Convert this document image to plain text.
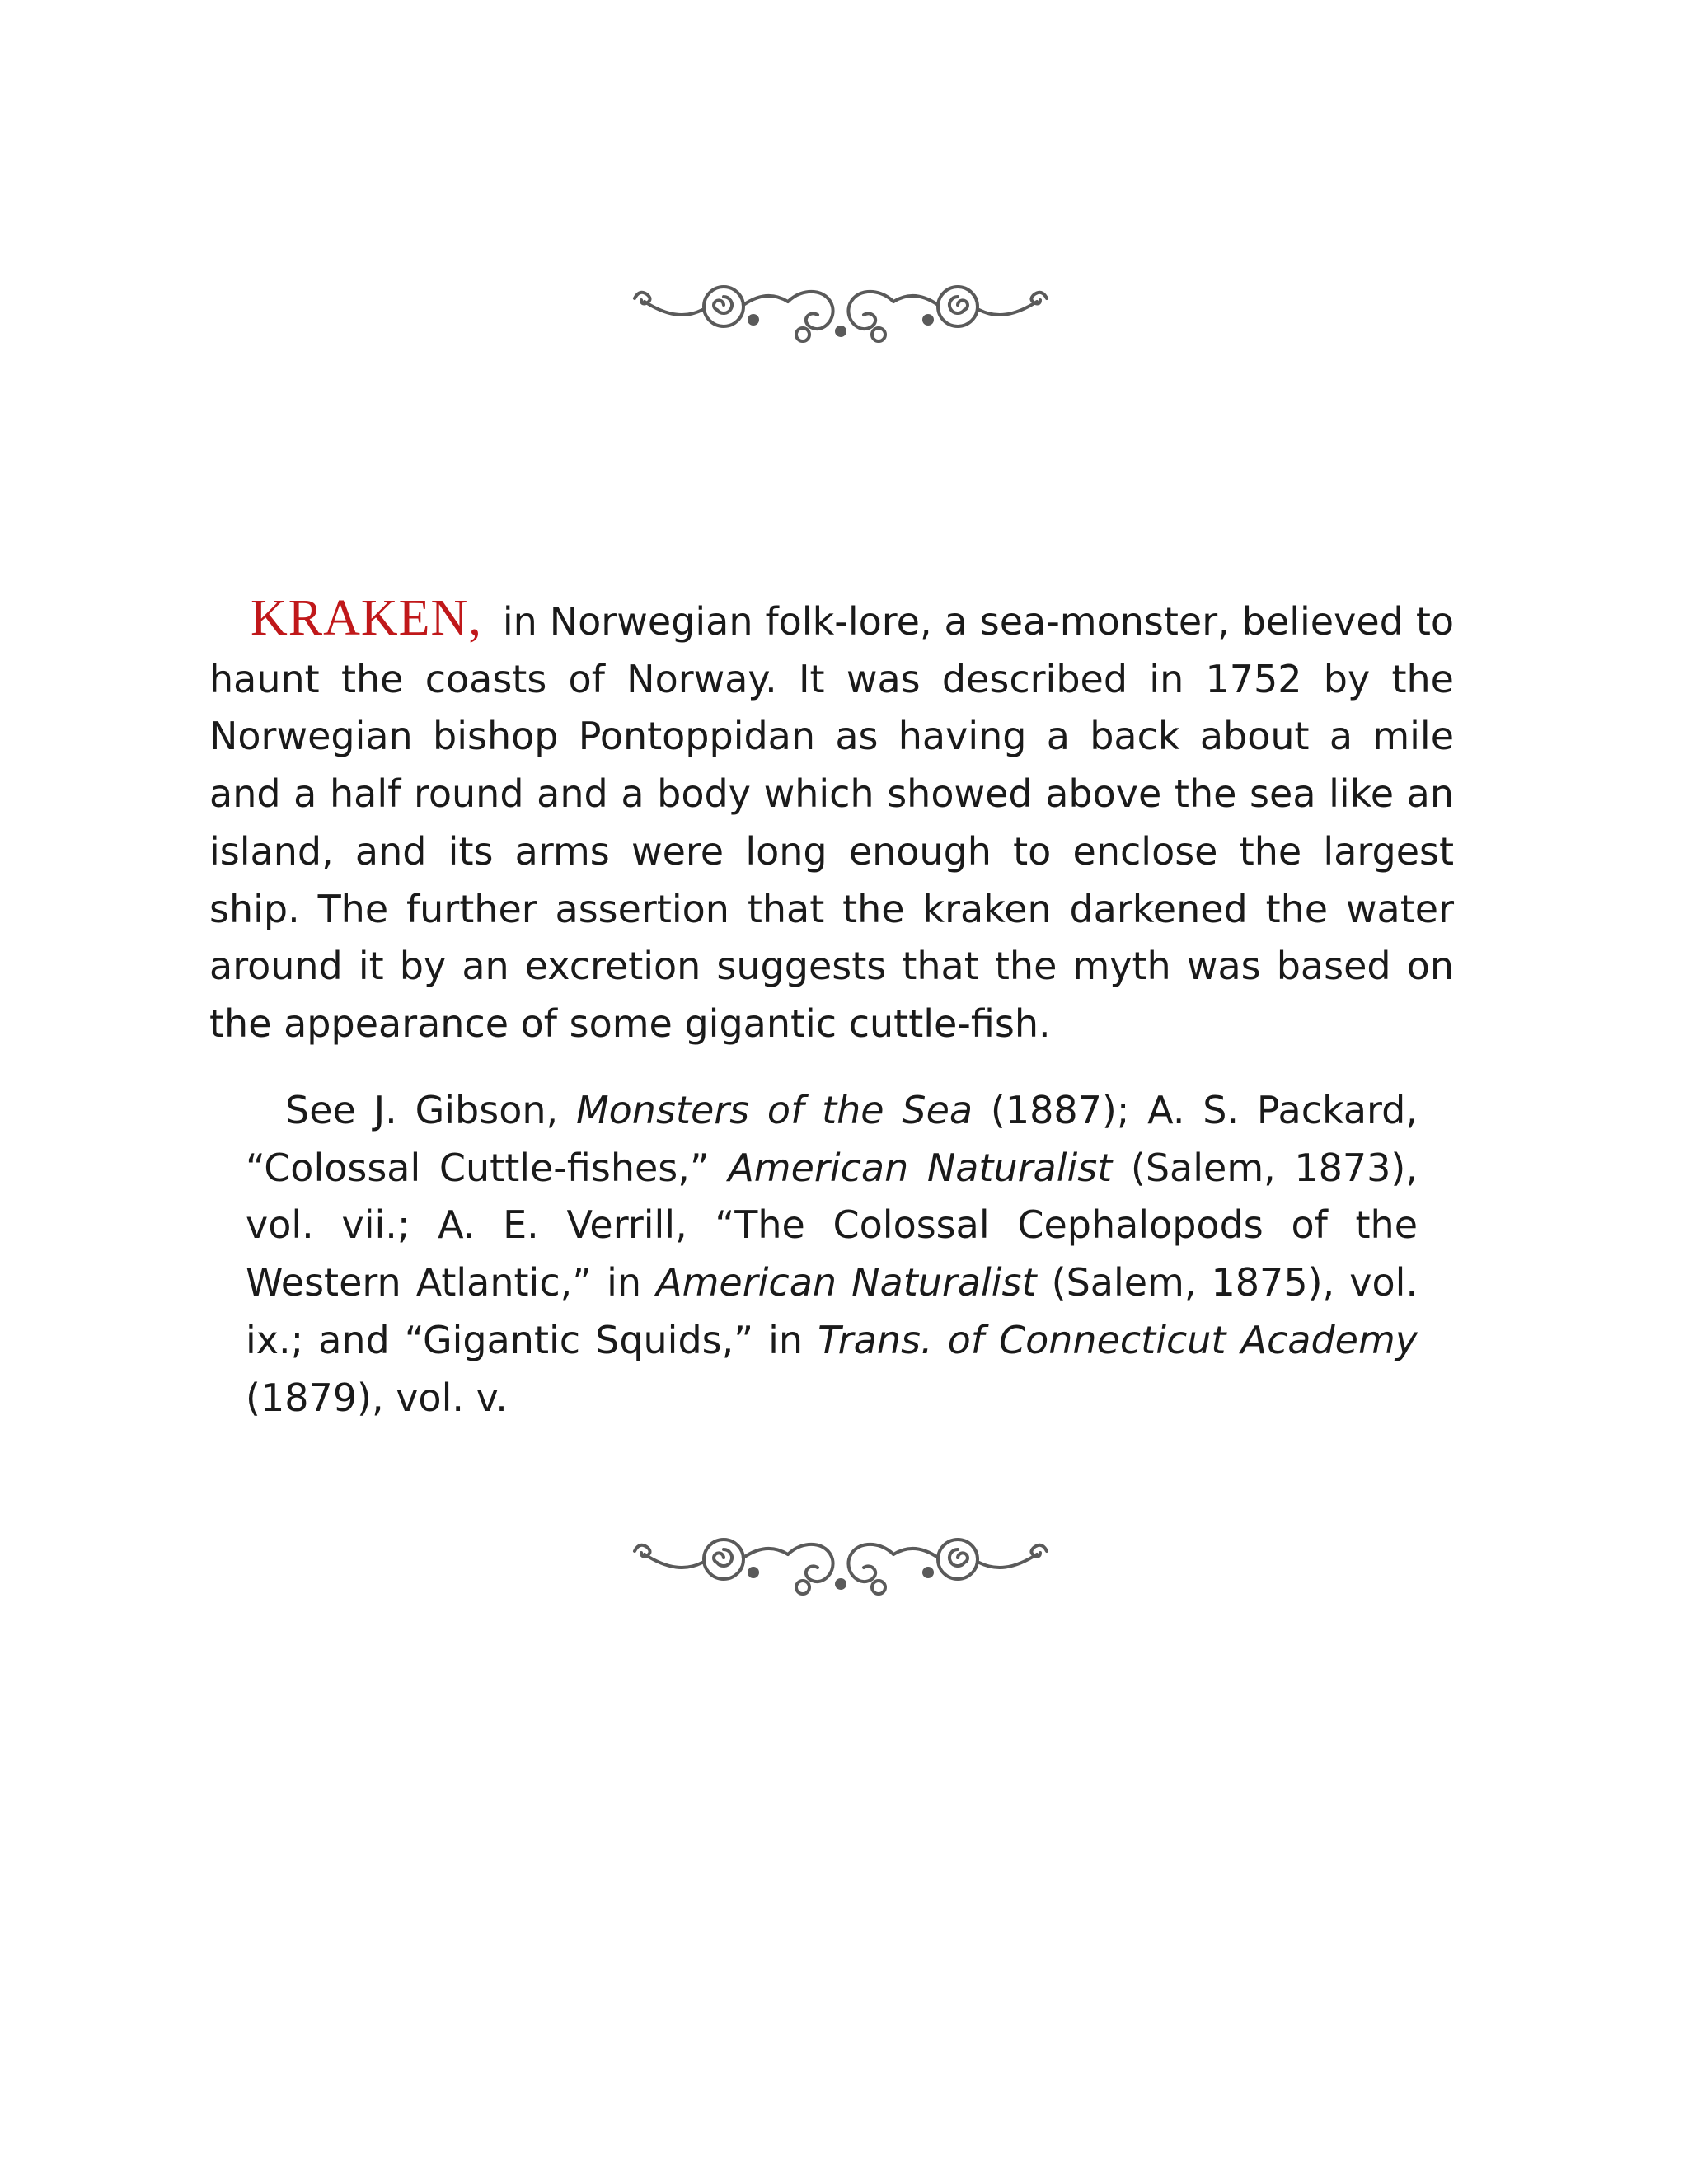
KRAKEN, in Norwegian folk-lore, a sea-monster, believed to haunt the coasts of Norway. It was described in 1752 by the Norwegian bishop Pontoppidan as having a back about a mile and a half round and a body which showed above the sea like an island, and its arms were long enough to enclose the largest ship. The further assertion that the kraken darkened the water around it by an excretion suggests that the myth was based on the appearance of some gigantic cuttle-fish.

See J. Gibson, Monsters of the Sea (1887); A. S. Packard, “Colossal Cuttle-fishes,” American Naturalist (Salem, 1873), vol. vii.; A. E. Verrill, “The Colossal Cephalopods of the Western Atlantic,” in American Naturalist (Salem, 1875), vol. ix.; and “Gigantic Squids,” in Trans. of Connecticut Academy (1879), vol. v.
